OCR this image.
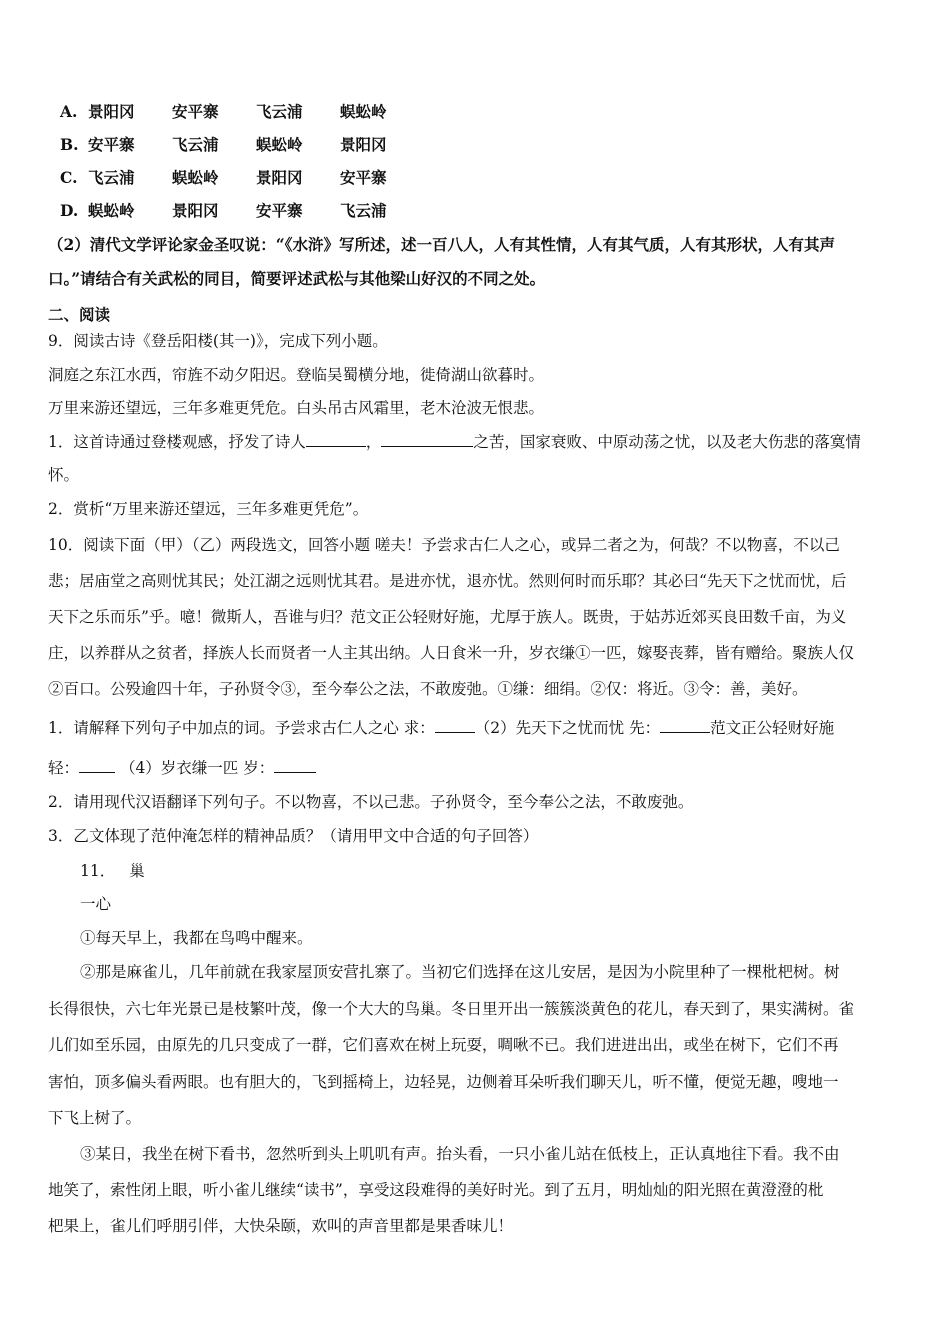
A. 景阳冈 安平寨 飞云浦 蜈蚣岭
B. 安平寨 飞云浦 蜈蚣岭 景阳冈
C. 飞云浦 蜈蚣岭 景阳冈 安平寨
D. 蜈蚣岭 景阳冈 安平寨 飞云浦
（2）清代文学评论家金圣叹说：“《水浒》写所述，述一百八人，人有其性情，人有其气质，人有其形状，人有其声
口。”请结合有关武松的同目，简要评述武松与其他梁山好汉的不同之处。
二、阅读
9．阅读古诗《登岳阳楼(其一)》，完成下列小题。
洞庭之东江水西，帘旌不动夕阳迟。登临吴蜀横分地，徙倚湖山欲暮时。
万里来游还望远，三年多难更凭危。白头吊古风霜里，老木沧波无恨悲。
1．这首诗通过登楼观感，抒发了诗人	，	之苦，国家衰败、中原动荡之忧，以及老大伤悲的落寞情
怀。
2．赏析“万里来游还望远，三年多难更凭危”。
10．阅读下面（甲）（乙）两段选文，回答小题 嗟夫！予尝求古仁人之心，或异二者之为，何哉？不以物喜，不以己
悲；居庙堂之高则忧其民；处江湖之远则忧其君。是进亦忧，退亦忧。然则何时而乐耶？其必曰“先天下之忧而忧，后
天下之乐而乐”乎。噫！微斯人，吾谁与归？范文正公轻财好施，尤厚于族人。既贵，于姑苏近郊买良田数千亩，为义
庄，以养群从之贫者，择族人长而贤者一人主其出纳。人日食米一升，岁衣缣①一匹，嫁娶丧葬，皆有赠给。聚族人仅
②百口。公殁逾四十年，子孙贤令③，至今奉公之法，不敢废弛。①缣：细绢。②仅：将近。③令：善，美好。
1．请解释下列句子中加点的词。予尝求古仁人之心 求：	（2）先天下之忧而忧 先：	范文正公轻财好施
轻： （4）岁衣缣一匹 岁：
2．请用现代汉语翻译下列句子。不以物喜，不以己悲。子孙贤令，至今奉公之法，不敢废弛。
3．乙文体现了范仲淹怎样的精神品质？（请用甲文中合适的句子回答）
11． 巢
一心
①每天早上，我都在鸟鸣中醒来。
②那是麻雀儿，几年前就在我家屋顶安营扎寨了。当初它们选择在这儿安居，是因为小院里种了一棵枇杷树。树
长得很快，六七年光景已是枝繁叶茂，像一个大大的鸟巢。冬日里开出一簇簇淡黄色的花儿，春天到了，果实满树。雀
儿们如至乐园，由原先的几只变成了一群，它们喜欢在树上玩耍，啁啾不已。我们进进出出，或坐在树下，它们不再
害怕，顶多偏头看两眼。也有胆大的，飞到摇椅上，边轻晃，边侧着耳朵听我们聊天儿，听不懂，便觉无趣，嗖地一
下飞上树了。
③某日，我坐在树下看书，忽然听到头上叽叽有声。抬头看，一只小雀儿站在低枝上，正认真地往下看。我不由
地笑了，索性闭上眼，听小雀儿继续“读书”，享受这段难得的美好时光。到了五月，明灿灿的阳光照在黄澄澄的枇
杷果上，雀儿们呼朋引伴，大快朵颐，欢叫的声音里都是果香味儿！
